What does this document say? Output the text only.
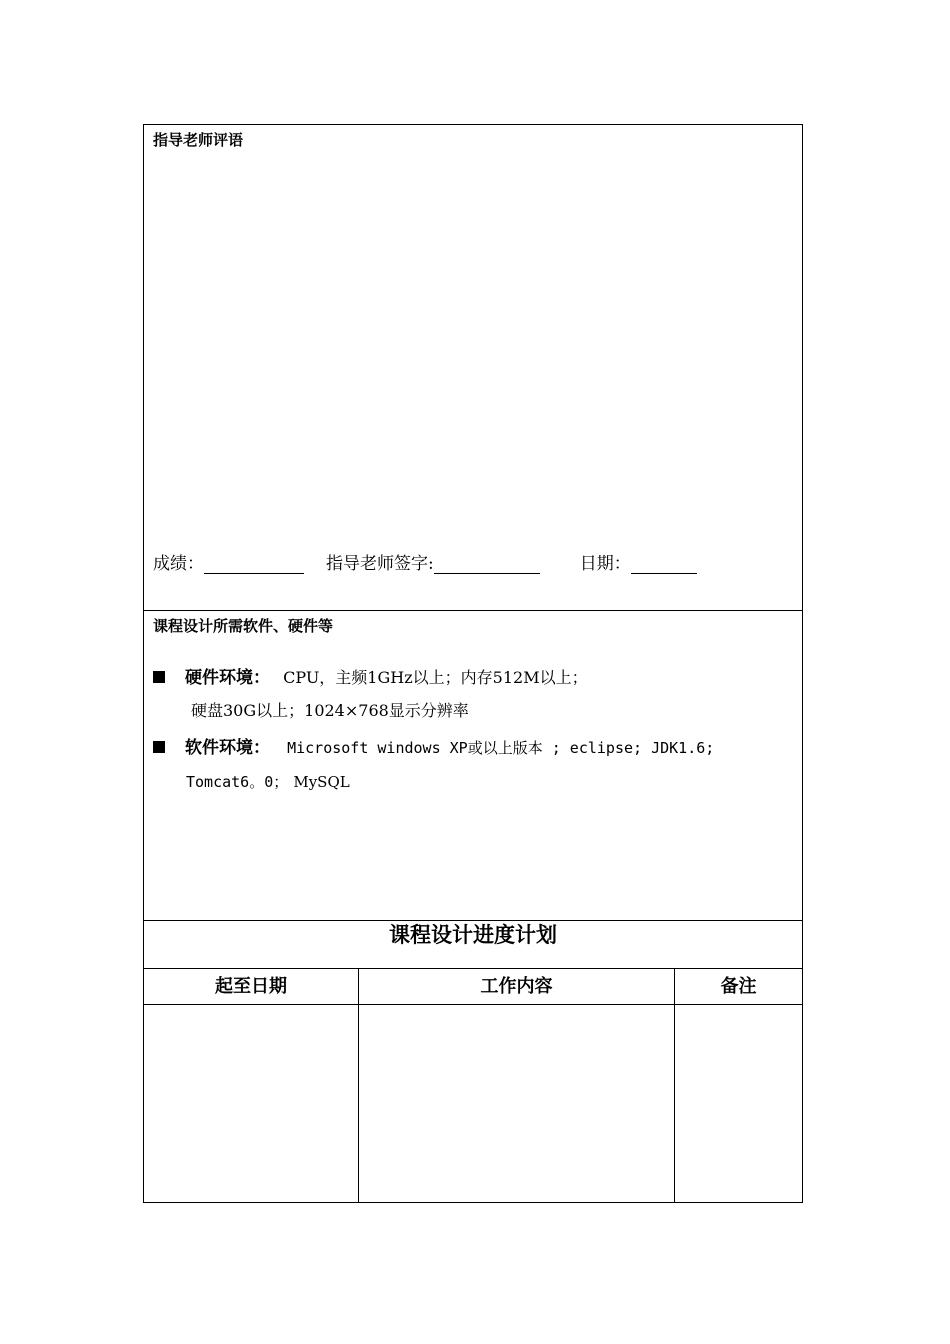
指导老师评语
成绩：	指导老师签字:	日期：
课程设计所需软件、硬件等
硬件环境： CPU，主频1GHz以上；内存512M以上；
硬盘30G以上；1024×768显示分辨率
软件环境： Microsoft windows XP或以上版本 ; eclipse; JDK1.6;
Tomcat6。0； MySQL
课程设计进度计划
起至日期	工作内容	备注
